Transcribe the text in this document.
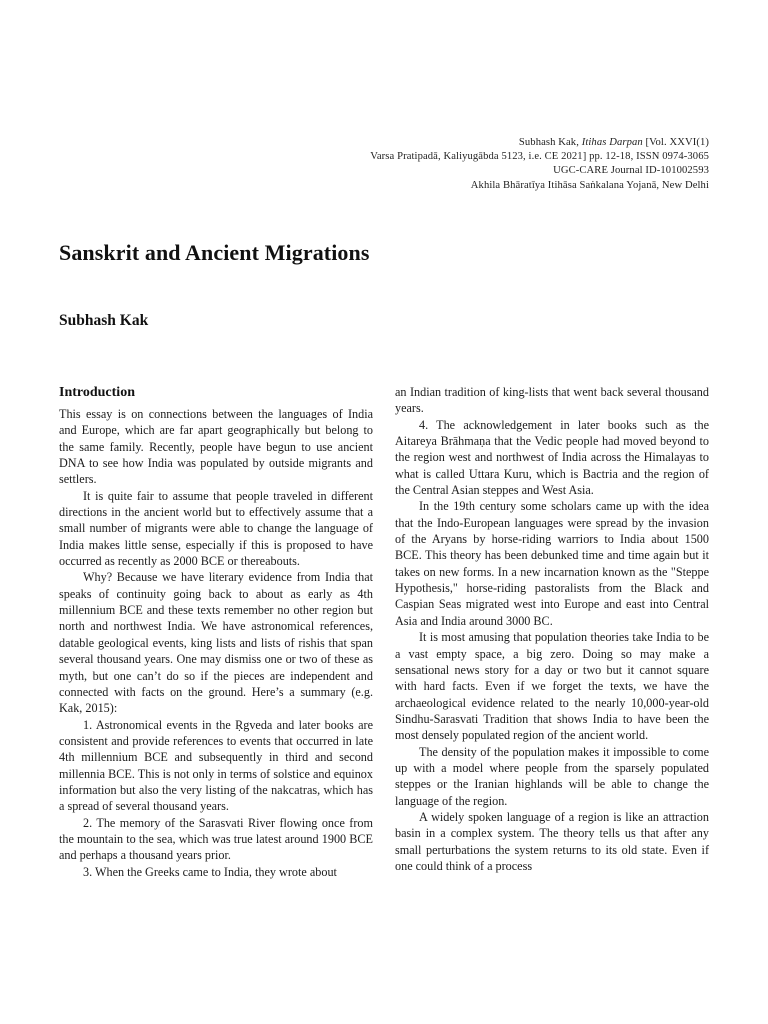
Subhash Kak, Itihas Darpan [Vol. XXVI(1)
Varsa Pratipadā, Kaliyugābda 5123, i.e. CE 2021] pp. 12-18, ISSN 0974-3065
UGC-CARE Journal ID-101002593
Akhila Bhāratīya Itihāsa Saṅkalana Yojanā, New Delhi
Sanskrit and Ancient Migrations
Subhash Kak
Introduction

This essay is on connections between the languages of India and Europe, which are far apart geographically but belong to the same family. Recently, people have begun to use ancient DNA to see how India was populated by outside migrants and settlers.

It is quite fair to assume that people traveled in different directions in the ancient world but to effectively assume that a small number of migrants were able to change the language of India makes little sense, especially if this is proposed to have occurred as recently as 2000 BCE or thereabouts.

Why? Because we have literary evidence from India that speaks of continuity going back to about as early as 4th millennium BCE and these texts remember no other region but north and northwest India. We have astronomical references, datable geological events, king lists and lists of rishis that span several thousand years. One may dismiss one or two of these as myth, but one can’t do so if the pieces are independent and connected with facts on the ground. Here’s a summary (e.g. Kak, 2015):

1. Astronomical events in the Ṛgveda and later books are consistent and provide references to events that occurred in late 4th millennium BCE and subsequently in third and second millennia BCE. This is not only in terms of solstice and equinox information but also the very listing of the nakcatras, which has a spread of several thousand years.

2. The memory of the Sarasvati River flowing once from the mountain to the sea, which was true latest around 1900 BCE and perhaps a thousand years prior.

3. When the Greeks came to India, they wrote about

an Indian tradition of king-lists that went back several thousand years.

4. The acknowledgement in later books such as the Aitareya Brāhmaṇa that the Vedic people had moved beyond to the region west and northwest of India across the Himalayas to what is called Uttara Kuru, which is Bactria and the region of the Central Asian steppes and West Asia.

In the 19th century some scholars came up with the idea that the Indo-European languages were spread by the invasion of the Aryans by horse-riding warriors to India about 1500 BCE. This theory has been debunked time and time again but it takes on new forms. In a new incarnation known as the "Steppe Hypothesis," horse-riding pastoralists from the Black and Caspian Seas migrated west into Europe and east into Central Asia and India around 3000 BC.

It is most amusing that population theories take India to be a vast empty space, a big zero. Doing so may make a sensational news story for a day or two but it cannot square with hard facts. Even if we forget the texts, we have the archaeological evidence related to the nearly 10,000-year-old Sindhu-Sarasvati Tradition that shows India to have been the most densely populated region of the ancient world.

The density of the population makes it impossible to come up with a model where people from the sparsely populated steppes or the Iranian highlands will be able to change the language of the region.

A widely spoken language of a region is like an attraction basin in a complex system. The theory tells us that after any small perturbations the system returns to its old state. Even if one could think of a process
